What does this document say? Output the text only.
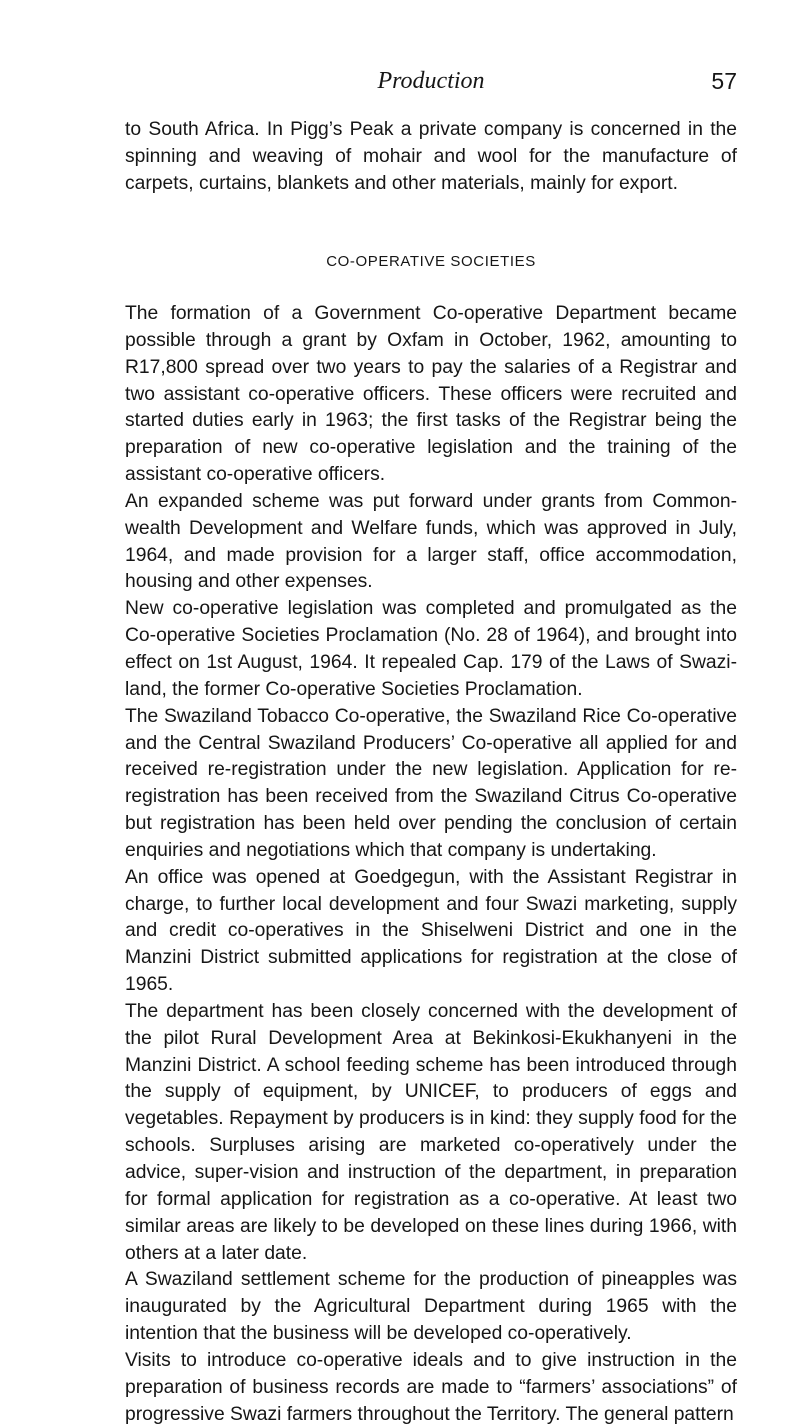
Production	57

to South Africa. In Pigg’s Peak a private company is concerned in the spinning and weaving of mohair and wool for the manufacture of carpets, curtains, blankets and other materials, mainly for export.

CO-OPERATIVE SOCIETIES

The formation of a Government Co-operative Department became possible through a grant by Oxfam in October, 1962, amounting to R17,800 spread over two years to pay the salaries of a Registrar and two assistant co-operative officers. These officers were recruited and started duties early in 1963; the first tasks of the Registrar being the preparation of new co-operative legislation and the training of the assistant co-operative officers.

An expanded scheme was put forward under grants from Common-wealth Development and Welfare funds, which was approved in July, 1964, and made provision for a larger staff, office accommodation, housing and other expenses.

New co-operative legislation was completed and promulgated as the Co-operative Societies Proclamation (No. 28 of 1964), and brought into effect on 1st August, 1964. It repealed Cap. 179 of the Laws of Swazi-land, the former Co-operative Societies Proclamation.

The Swaziland Tobacco Co-operative, the Swaziland Rice Co-operative and the Central Swaziland Producers’ Co-operative all applied for and received re-registration under the new legislation. Application for re-registration has been received from the Swaziland Citrus Co-operative but registration has been held over pending the conclusion of certain enquiries and negotiations which that company is undertaking.

An office was opened at Goedgegun, with the Assistant Registrar in charge, to further local development and four Swazi marketing, supply and credit co-operatives in the Shiselweni District and one in the Manzini District submitted applications for registration at the close of 1965.

The department has been closely concerned with the development of the pilot Rural Development Area at Bekinkosi-Ekukhanyeni in the Manzini District. A school feeding scheme has been introduced through the supply of equipment, by UNICEF, to producers of eggs and vegetables. Repayment by producers is in kind: they supply food for the schools. Surpluses arising are marketed co-operatively under the advice, super-vision and instruction of the department, in preparation for formal application for registration as a co-operative. At least two similar areas are likely to be developed on these lines during 1966, with others at a later date.

A Swaziland settlement scheme for the production of pineapples was inaugurated by the Agricultural Department during 1965 with the intention that the business will be developed co-operatively.

Visits to introduce co-operative ideals and to give instruction in the preparation of business records are made to “farmers’ associations” of progressive Swazi farmers throughout the Territory. The general pattern
